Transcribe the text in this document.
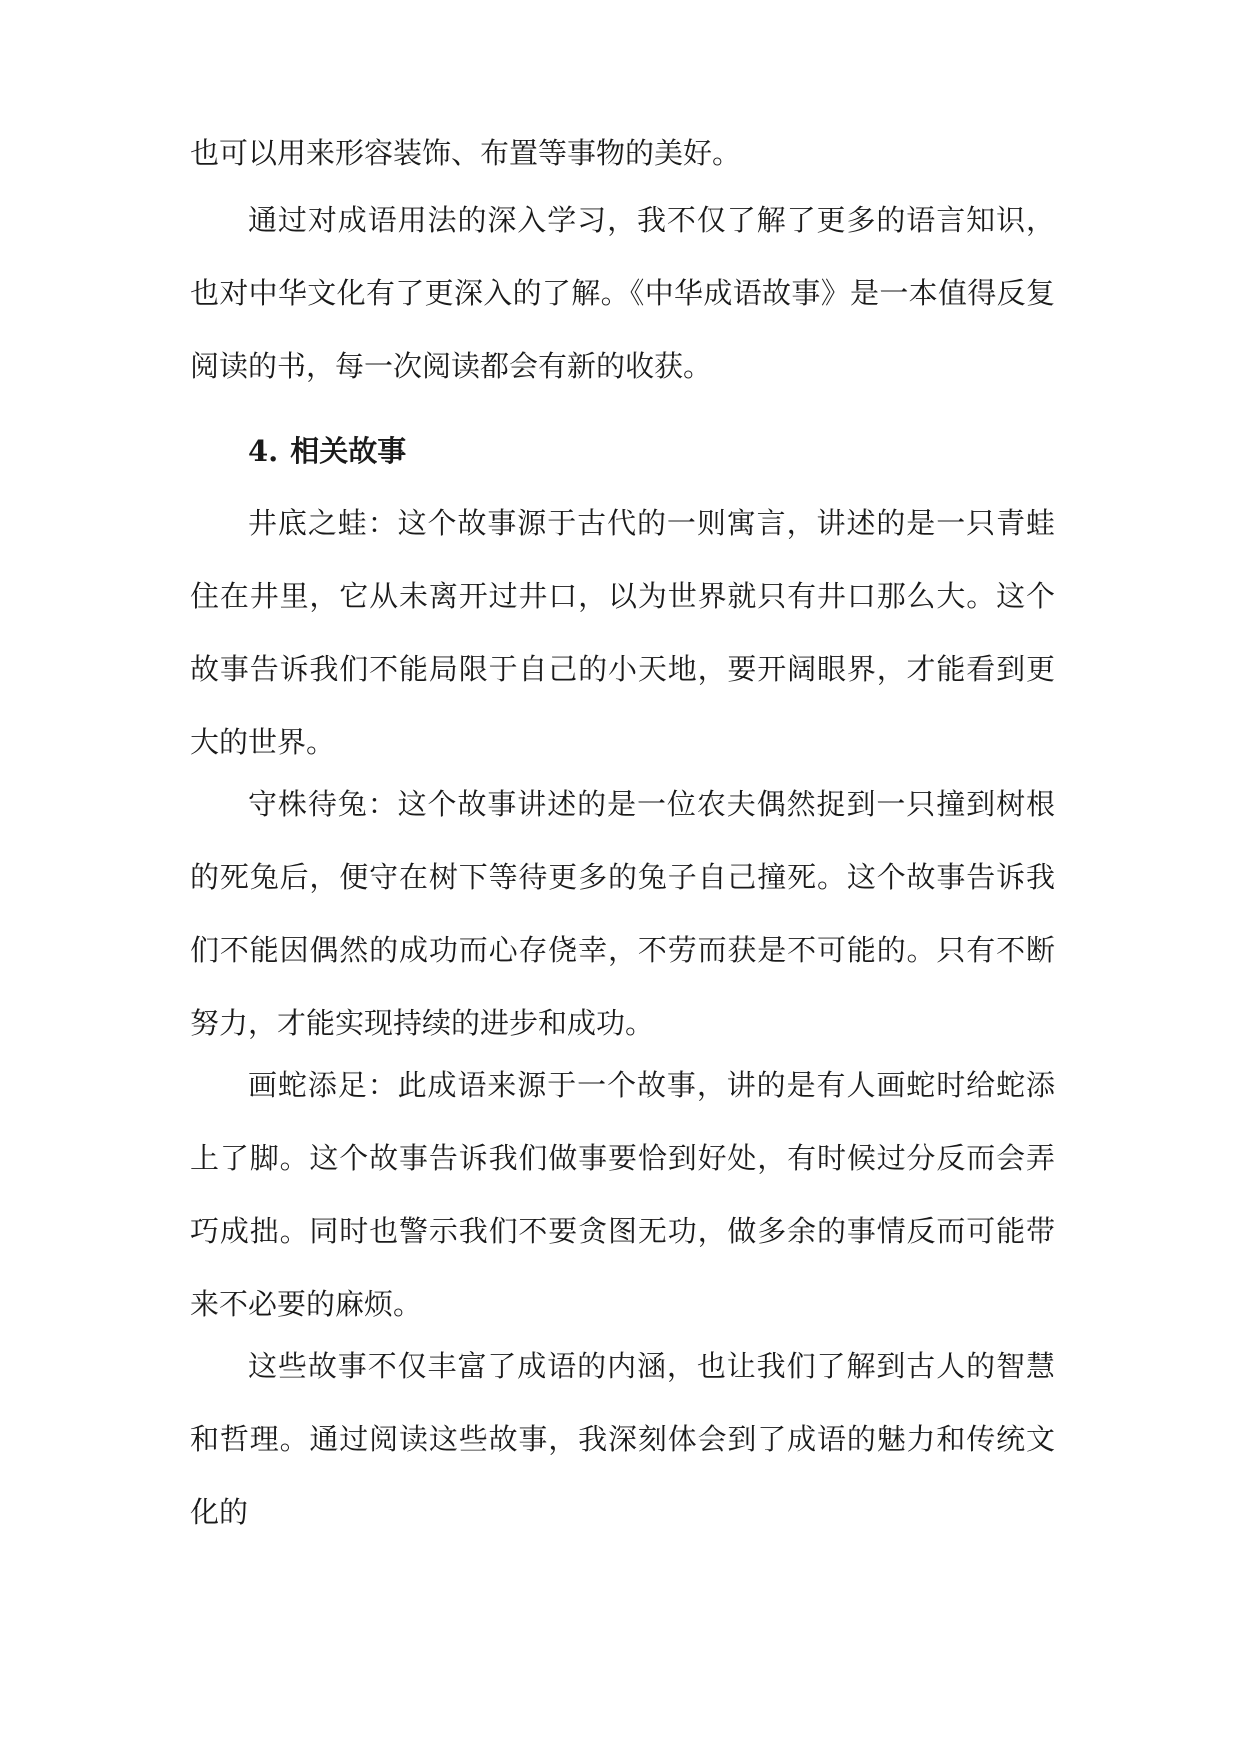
也可以用来形容装饰、布置等事物的美好。

通过对成语用法的深入学习，我不仅了解了更多的语言知识，也对中华文化有了更深入的了解。《中华成语故事》是一本值得反复阅读的书，每一次阅读都会有新的收获。

4. 相关故事

井底之蛙：这个故事源于古代的一则寓言，讲述的是一只青蛙住在井里，它从未离开过井口，以为世界就只有井口那么大。这个故事告诉我们不能局限于自己的小天地，要开阔眼界，才能看到更大的世界。

守株待兔：这个故事讲述的是一位农夫偶然捉到一只撞到树根的死兔后，便守在树下等待更多的兔子自己撞死。这个故事告诉我们不能因偶然的成功而心存侥幸，不劳而获是不可能的。只有不断努力，才能实现持续的进步和成功。

画蛇添足：此成语来源于一个故事，讲的是有人画蛇时给蛇添上了脚。这个故事告诉我们做事要恰到好处，有时候过分反而会弄巧成拙。同时也警示我们不要贪图无功，做多余的事情反而可能带来不必要的麻烦。

这些故事不仅丰富了成语的内涵，也让我们了解到古人的智慧和哲理。通过阅读这些故事，我深刻体会到了成语的魅力和传统文化的
